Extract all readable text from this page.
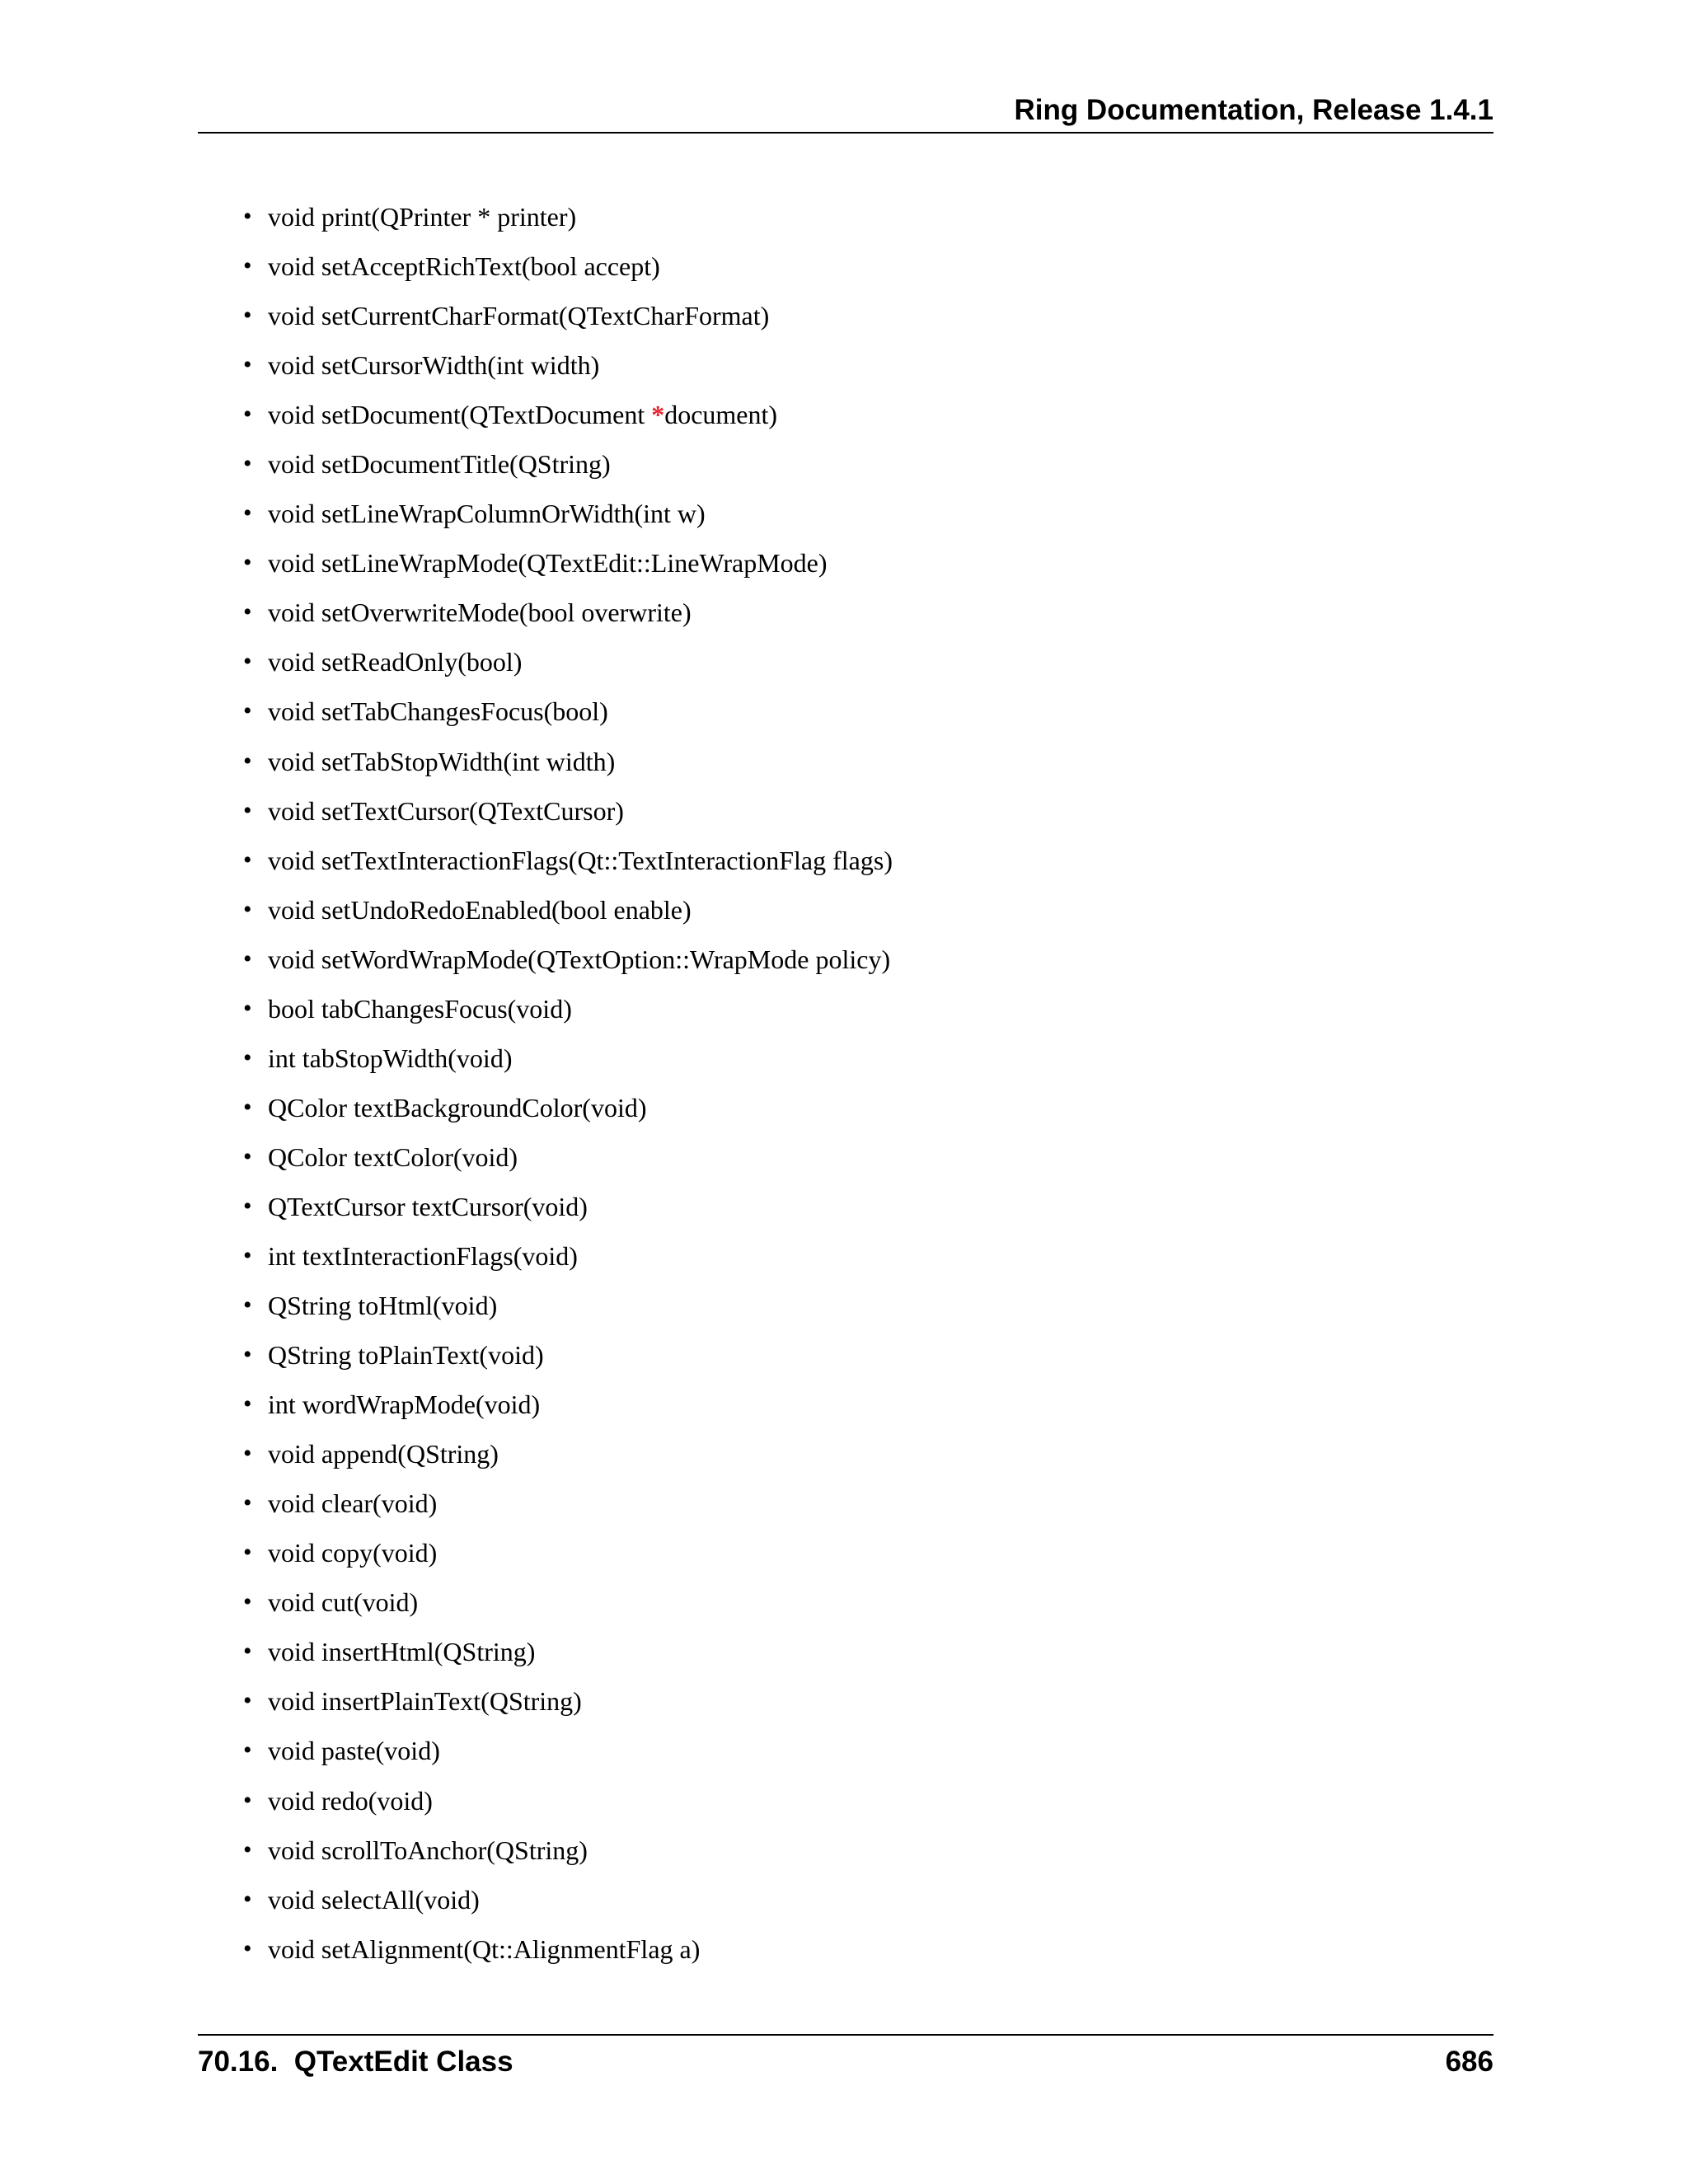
Ring Documentation, Release 1.4.1
• void print(QPrinter * printer)
• void setAcceptRichText(bool accept)
• void setCurrentCharFormat(QTextCharFormat)
• void setCursorWidth(int width)
• void setDocument(QTextDocument *document)
• void setDocumentTitle(QString)
• void setLineWrapColumnOrWidth(int w)
• void setLineWrapMode(QTextEdit::LineWrapMode)
• void setOverwriteMode(bool overwrite)
• void setReadOnly(bool)
• void setTabChangesFocus(bool)
• void setTabStopWidth(int width)
• void setTextCursor(QTextCursor)
• void setTextInteractionFlags(Qt::TextInteractionFlag flags)
• void setUndoRedoEnabled(bool enable)
• void setWordWrapMode(QTextOption::WrapMode policy)
• bool tabChangesFocus(void)
• int tabStopWidth(void)
• QColor textBackgroundColor(void)
• QColor textColor(void)
• QTextCursor textCursor(void)
• int textInteractionFlags(void)
• QString toHtml(void)
• QString toPlainText(void)
• int wordWrapMode(void)
• void append(QString)
• void clear(void)
• void copy(void)
• void cut(void)
• void insertHtml(QString)
• void insertPlainText(QString)
• void paste(void)
• void redo(void)
• void scrollToAnchor(QString)
• void selectAll(void)
• void setAlignment(Qt::AlignmentFlag a)
70.16.  QTextEdit Class	686
